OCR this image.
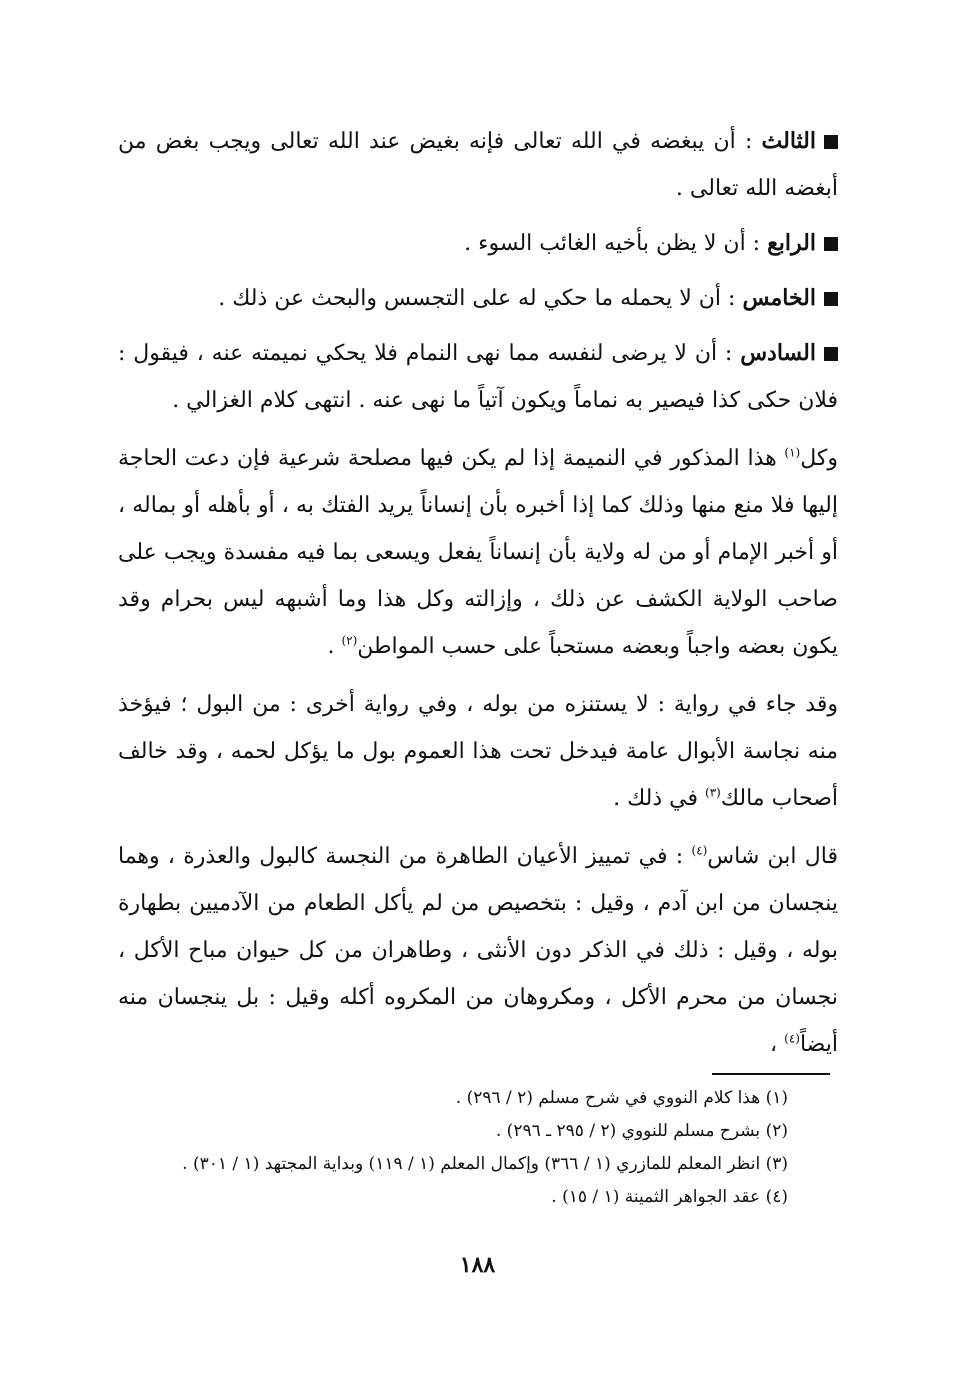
الثالث : أن يبغضه في الله تعالى فإنه بغيض عند الله تعالى ويجب بغض من أبغضه الله تعالى .

الرابع : أن لا يظن بأخيه الغائب السوء .

الخامس : أن لا يحمله ما حكي له على التجسس والبحث عن ذلك .

السادس : أن لا يرضى لنفسه مما نهى النمام فلا يحكي نميمته عنه ، فيقول : فلان حكى كذا فيصير به نماماً ويكون آتياً ما نهى عنه . انتهى كلام الغزالي .

وكل$^{(١)}$ هذا المذكور في النميمة إذا لم يكن فيها مصلحة شرعية فإن دعت الحاجة إليها فلا منع منها وذلك كما إذا أخبره بأن إنساناً يريد الفتك به ، أو بأهله أو بماله ، أو أخبر الإمام أو من له ولاية بأن إنساناً يفعل ويسعى بما فيه مفسدة ويجب على صاحب الولاية الكشف عن ذلك ، وإزالته وكل هذا وما أشبهه ليس بحرام وقد يكون بعضه واجباً وبعضه مستحباً على حسب المواطن$^{(٢)}$ .

وقد جاء في رواية : لا يستنزه من بوله ، وفي رواية أخرى : من البول ؛ فيؤخذ منه نجاسة الأبوال عامة فيدخل تحت هذا العموم بول ما يؤكل لحمه ، وقد خالف أصحاب مالك$^{(٣)}$ في ذلك .

قال ابن شاس$^{(٤)}$ : في تمييز الأعيان الطاهرة من النجسة كالبول والعذرة ، وهما ينجسان من ابن آدم ، وقيل : بتخصيص من لم يأكل الطعام من الآدميين بطهارة بوله ، وقيل : ذلك في الذكر دون الأنثى ، وطاهران من كل حيوان مباح الأكل ، نجسان من محرم الأكل ، ومكروهان من المكروه أكله وقيل : بل ينجسان منه أيضاً$^{(٤)}$ ،

(١) هذا كلام النووي في شرح مسلم (٢ / ٢٩٦) .
(٢) بشرح مسلم للنووي (٢ / ٢٩٥ ـ ٢٩٦) .
(٣) انظر المعلم للمازري (١ / ٣٦٦) وإكمال المعلم (١ / ١١٩) وبداية المجتهد (١ / ٣٠١) .
(٤) عقد الجواهر الثمينة (١ / ١٥) .
١٨٨
